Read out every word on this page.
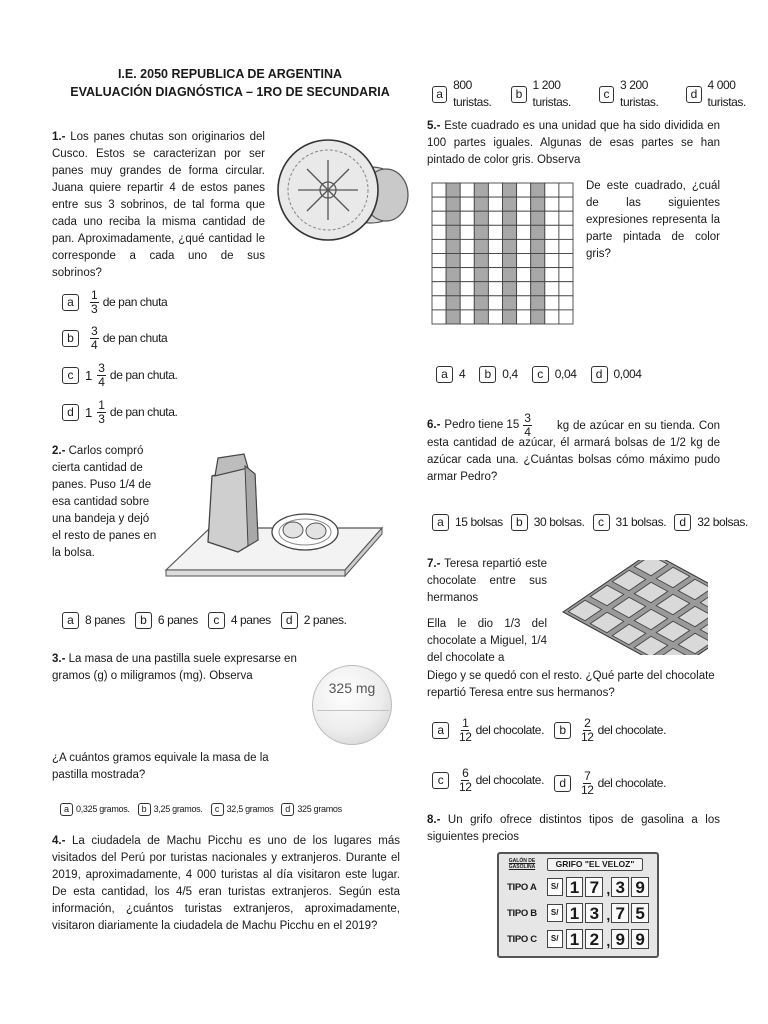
I.E. 2050 REPUBLICA DE ARGENTINA
EVALUACIÓN DIAGNÓSTICA – 1RO DE SECUNDARIA
1.- Los panes chutas son originarios del Cusco. Estos se caracterizan por ser panes muy grandes de forma circular. Juana quiere repartir 4 de estos panes entre sus 3 sobrinos, de tal forma que cada uno reciba la misma cantidad de pan. Aproximadamente, ¿qué cantidad le corresponde a cada uno de sus sobrinos?
a	$\frac{1}{3}$ de pan chuta
b	$\frac{3}{4}$ de pan chuta
c $1 \frac{3}{4}$ de pan chuta.
d $1 \frac{1}{3}$ de pan chuta.
2.- Carlos compró cierta cantidad de panes. Puso 1/4 de esa cantidad sobre una bandeja y dejó el resto de panes en la bolsa.
a 8 panes	b 6 panes	c 4 panes	d 2 panes.
3.- La masa de una pastilla suele expresarse en gramos (g) o miligramos (mg). Observa
325 mg
¿A cuántos gramos equivale la masa de la pastilla mostrada?
a 0,325 gramos.	b 3,25 gramos.	c 32,5 gramos	d 325 gramos
4.- La ciudadela de Machu Picchu es uno de los lugares más visitados del Perú por turistas nacionales y extranjeros. Durante el 2019, aproximadamente, 4 000 turistas al día visitaron este lugar. De esta cantidad, los 4/5 eran turistas extranjeros. Según esta información, ¿cuántos turistas extranjeros, aproximadamente, visitaron diariamente la ciudadela de Machu Picchu en el 2019?
a
800 turistas.
b
1 200 turistas.
c
3 200 turistas.
d
4 000 turistas.
5.- Este cuadrado es una unidad que ha sido dividida en 100 partes iguales. Algunas de esas partes se han pintado de color gris. Observa
De este cuadrado, ¿cuál de las siguientes expresiones representa la parte pintada de color gris?
a 4	b 0,4	c 0,04	d 0,004
6.- Pedro tiene $15 \frac{3}{4}$	kg de azúcar en su tienda. Con esta cantidad de azúcar, él armará bolsas de 1/2 kg de azúcar cada una. ¿Cuántas bolsas cómo máximo pudo armar Pedro?
a 15 bolsas	b 30 bolsas.	c 31 bolsas.	d 32 bolsas.
7.- Teresa repartió este chocolate entre sus hermanos
Ella le dio 1/3 del chocolate a Miguel, 1/4 del chocolate a
Diego y se quedó con el resto. ¿Qué parte del chocolate repartió Teresa entre sus hermanos?
a	$\frac{1}{12}$ del chocolate.	b	$\frac{2}{12}$ del chocolate.
c	$\frac{6}{12}$ del chocolate.	d	$\frac{7}{12}$ del chocolate.
8.- Un grifo ofrece distintos tipos de gasolina a los siguientes precios
GALÓN DE GASOLINA	GRIFO "EL VELOZ"
TIPO A	S/ 1 7 , 3 9
TIPO B	S/ 1 3 , 7 5
TIPO C	S/ 1 2 , 9 9
